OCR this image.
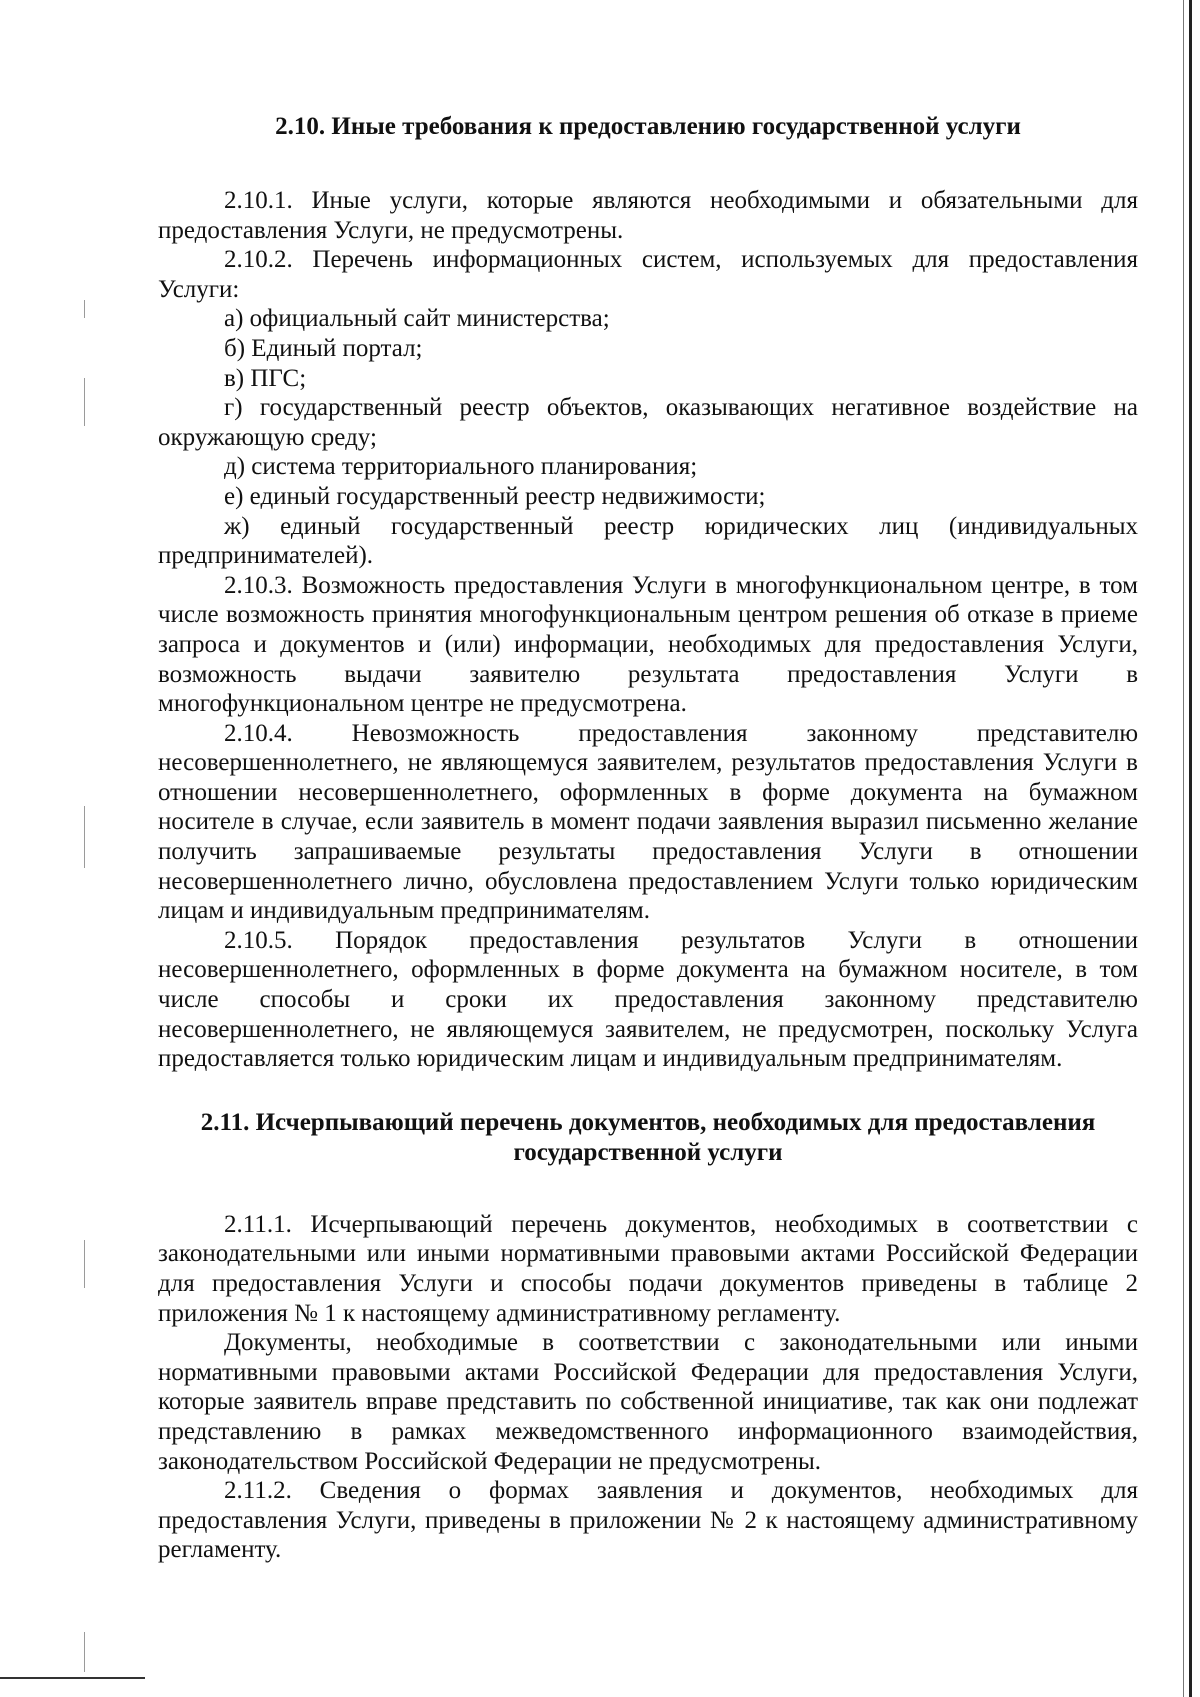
2.10. Иные требования к предоставлению государственной услуги

2.10.1. Иные услуги, которые являются необходимыми и обязательными для предоставления Услуги, не предусмотрены.

2.10.2. Перечень информационных систем, используемых для предоставления Услуги:

а) официальный сайт министерства;

б) Единый портал;

в) ПГС;

г) государственный реестр объектов, оказывающих негативное воздействие на окружающую среду;

д) система территориального планирования;

е) единый государственный реестр недвижимости;

ж) единый государственный реестр юридических лиц (индивидуальных предпринимателей).

2.10.3. Возможность предоставления Услуги в многофункциональном центре, в том числе возможность принятия многофункциональным центром решения об отказе в приеме запроса и документов и (или) информации, необходимых для предоставления Услуги, возможность выдачи заявителю результата предоставления Услуги в многофункциональном центре не предусмотрена.

2.10.4. Невозможность предоставления законному представителю несовершеннолетнего, не являющемуся заявителем, результатов предоставления Услуги в отношении несовершеннолетнего, оформленных в форме документа на бумажном носителе в случае, если заявитель в момент подачи заявления выразил письменно желание получить запрашиваемые результаты предоставления Услуги в отношении несовершеннолетнего лично, обусловлена предоставлением Услуги только юридическим лицам и индивидуальным предпринимателям.

2.10.5. Порядок предоставления результатов Услуги в отношении несовершеннолетнего, оформленных в форме документа на бумажном носителе, в том числе способы и сроки их предоставления законному представителю несовершеннолетнего, не являющемуся заявителем, не предусмотрен, поскольку Услуга предоставляется только юридическим лицам и индивидуальным предпринимателям.

2.11. Исчерпывающий перечень документов, необходимых для предоставления
государственной услуги

2.11.1. Исчерпывающий перечень документов, необходимых в соответствии с законодательными или иными нормативными правовыми актами Российской Федерации для предоставления Услуги и способы подачи документов приведены в таблице 2 приложения № 1 к настоящему административному регламенту.

Документы, необходимые в соответствии с законодательными или иными нормативными правовыми актами Российской Федерации для предоставления Услуги, которые заявитель вправе представить по собственной инициативе, так как они подлежат представлению в рамках межведомственного информационного взаимодействия, законодательством Российской Федерации не предусмотрены.

2.11.2. Сведения о формах заявления и документов, необходимых для предоставления Услуги, приведены в приложении № 2 к настоящему административному регламенту.
